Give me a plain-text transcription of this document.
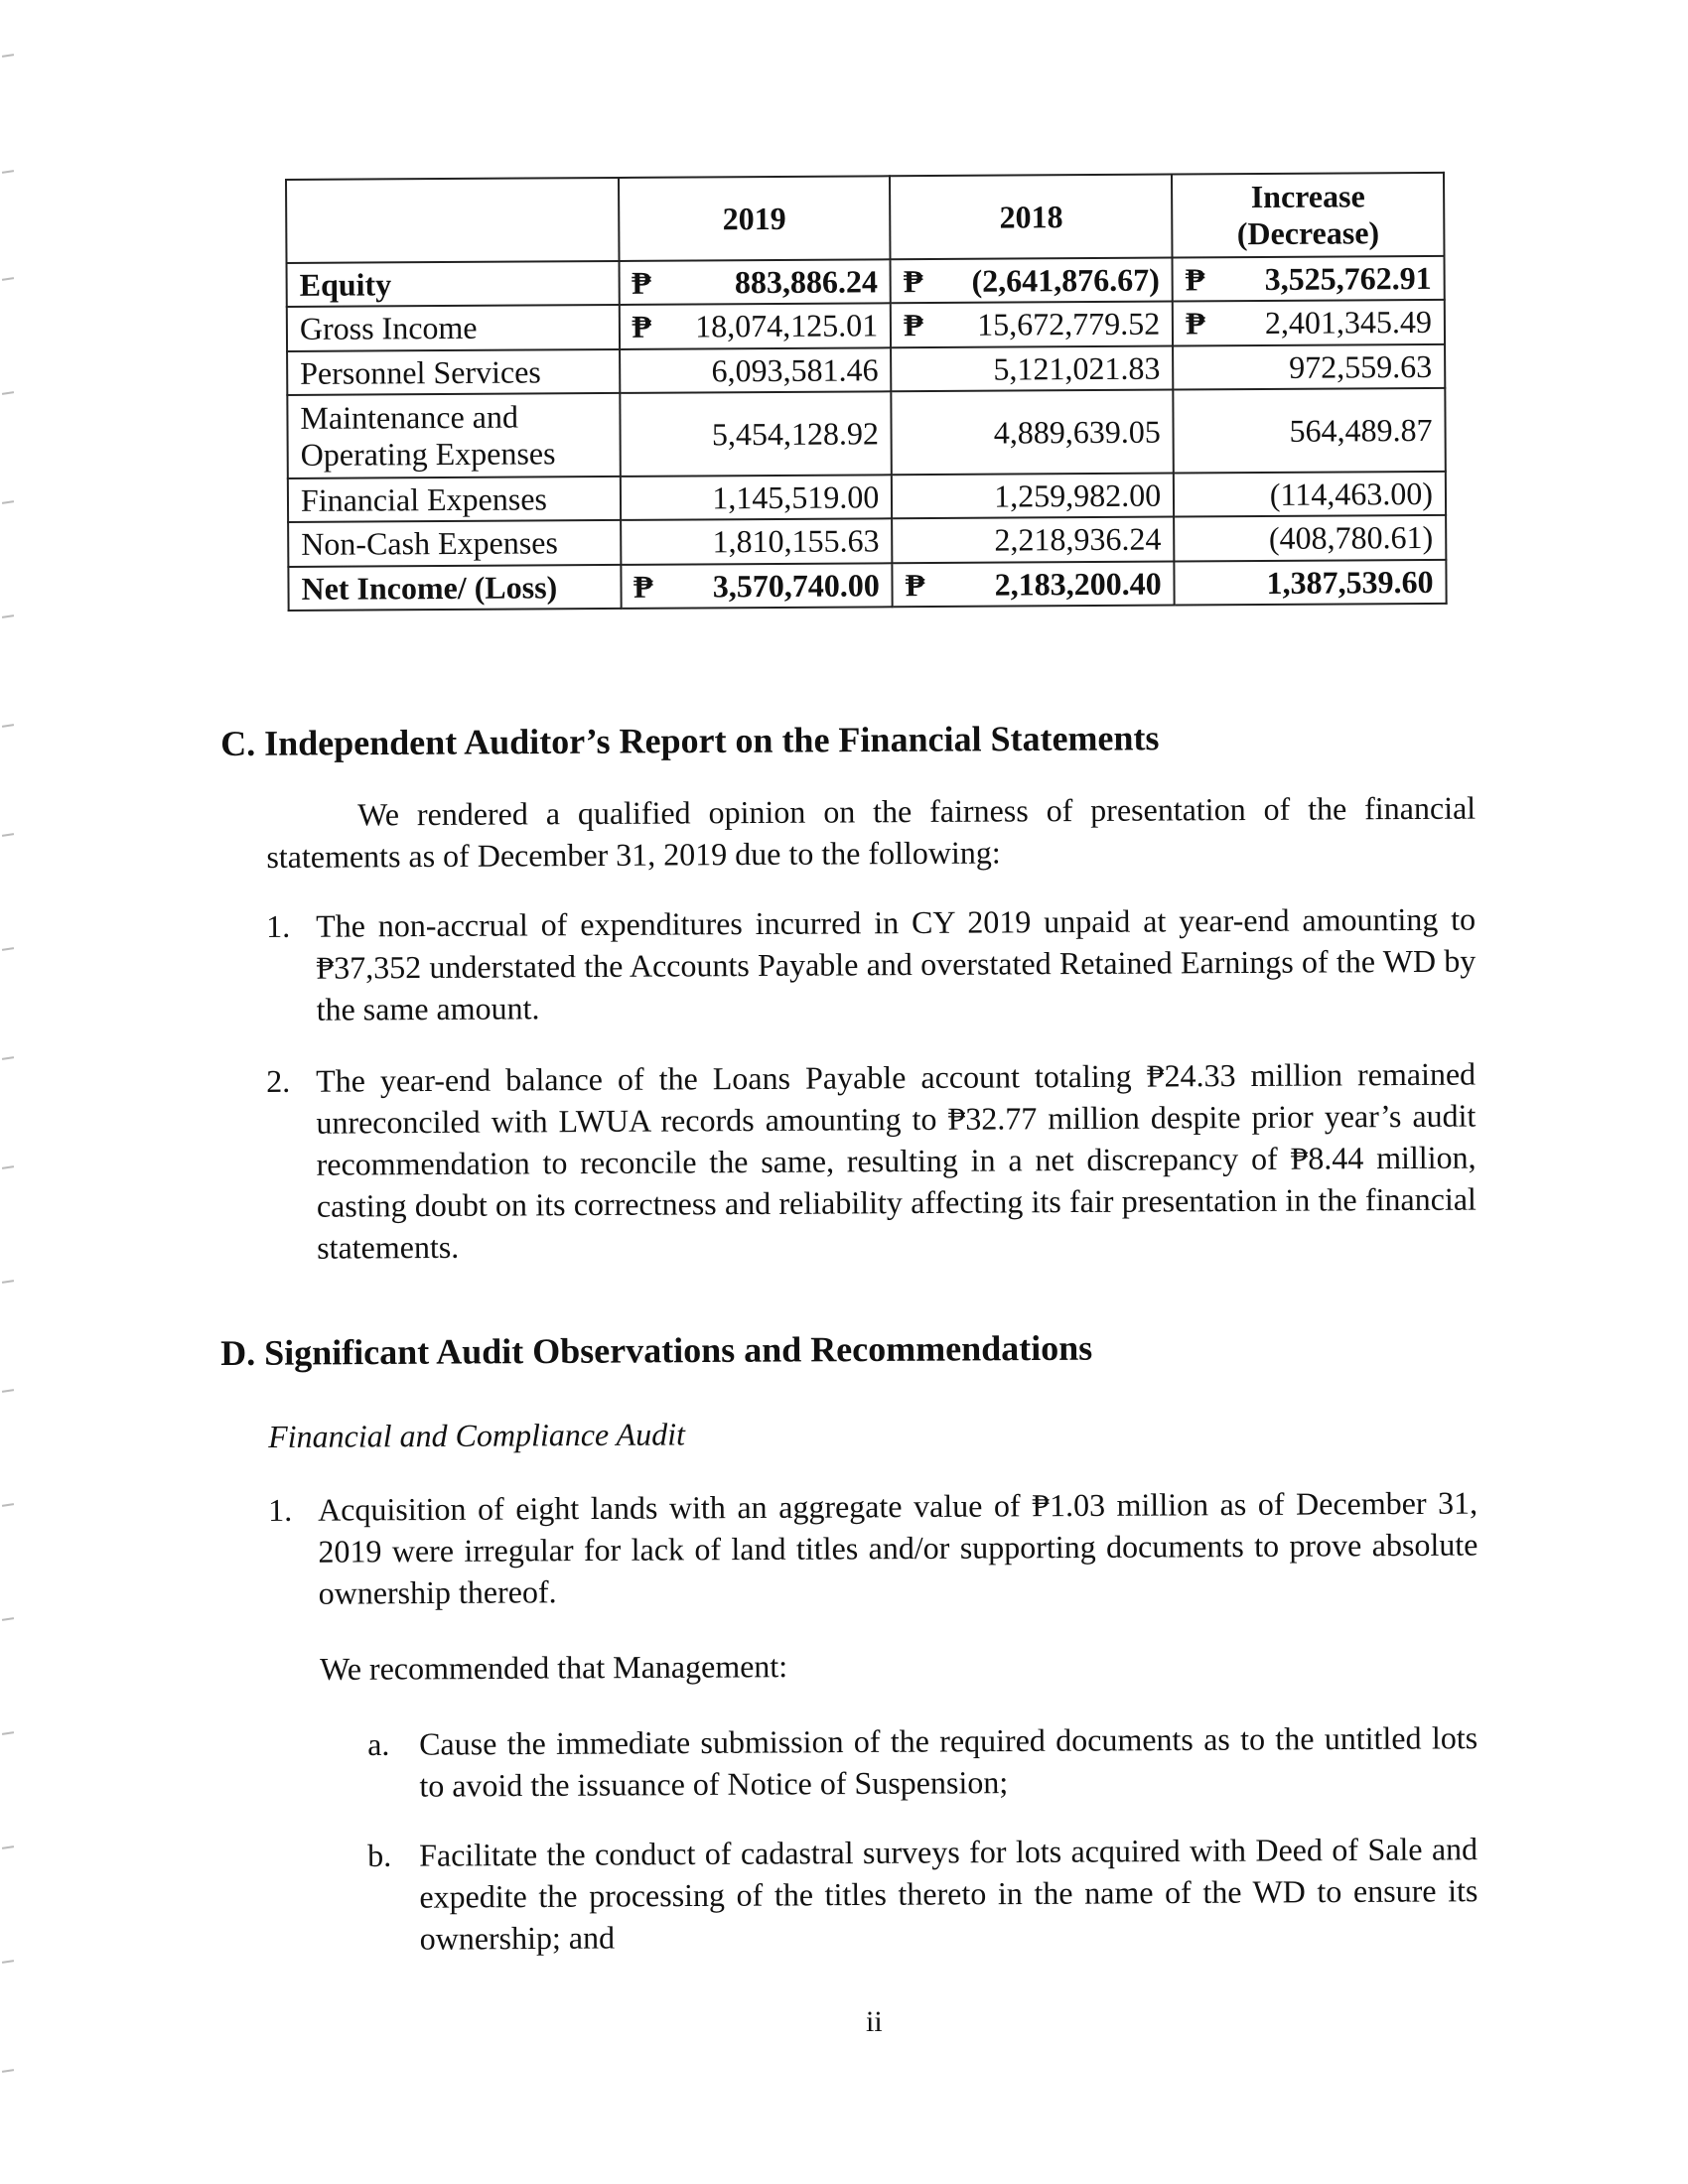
	2019	2018	Increase (Decrease)
Equity	₱ 883,886.24	₱ (2,641,876.67)	₱ 3,525,762.91
Gross Income	₱ 18,074,125.01	₱ 15,672,779.52	₱ 2,401,345.49
Personnel Services	6,093,581.46	5,121,021.83	972,559.63
Maintenance and Operating Expenses	5,454,128.92	4,889,639.05	564,489.87
Financial Expenses	1,145,519.00	1,259,982.00	(114,463.00)
Non-Cash Expenses	1,810,155.63	2,218,936.24	(408,780.61)
Net Income/ (Loss)	₱ 3,570,740.00	₱ 2,183,200.40	1,387,539.60
C. Independent Auditor’s Report on the Financial Statements
We rendered a qualified opinion on the fairness of presentation of the financial statements as of December 31, 2019 due to the following:
1. The non-accrual of expenditures incurred in CY 2019 unpaid at year-end amounting to ₱37,352 understated the Accounts Payable and overstated Retained Earnings of the WD by the same amount.
2. The year-end balance of the Loans Payable account totaling ₱24.33 million remained unreconciled with LWUA records amounting to ₱32.77 million despite prior year’s audit recommendation to reconcile the same, resulting in a net discrepancy of ₱8.44 million, casting doubt on its correctness and reliability affecting its fair presentation in the financial statements.
D. Significant Audit Observations and Recommendations
Financial and Compliance Audit
1. Acquisition of eight lands with an aggregate value of ₱1.03 million as of December 31, 2019 were irregular for lack of land titles and/or supporting documents to prove absolute ownership thereof.
We recommended that Management:
a. Cause the immediate submission of the required documents as to the untitled lots to avoid the issuance of Notice of Suspension;
b. Facilitate the conduct of cadastral surveys for lots acquired with Deed of Sale and expedite the processing of the titles thereto in the name of the WD to ensure its ownership; and
ii
